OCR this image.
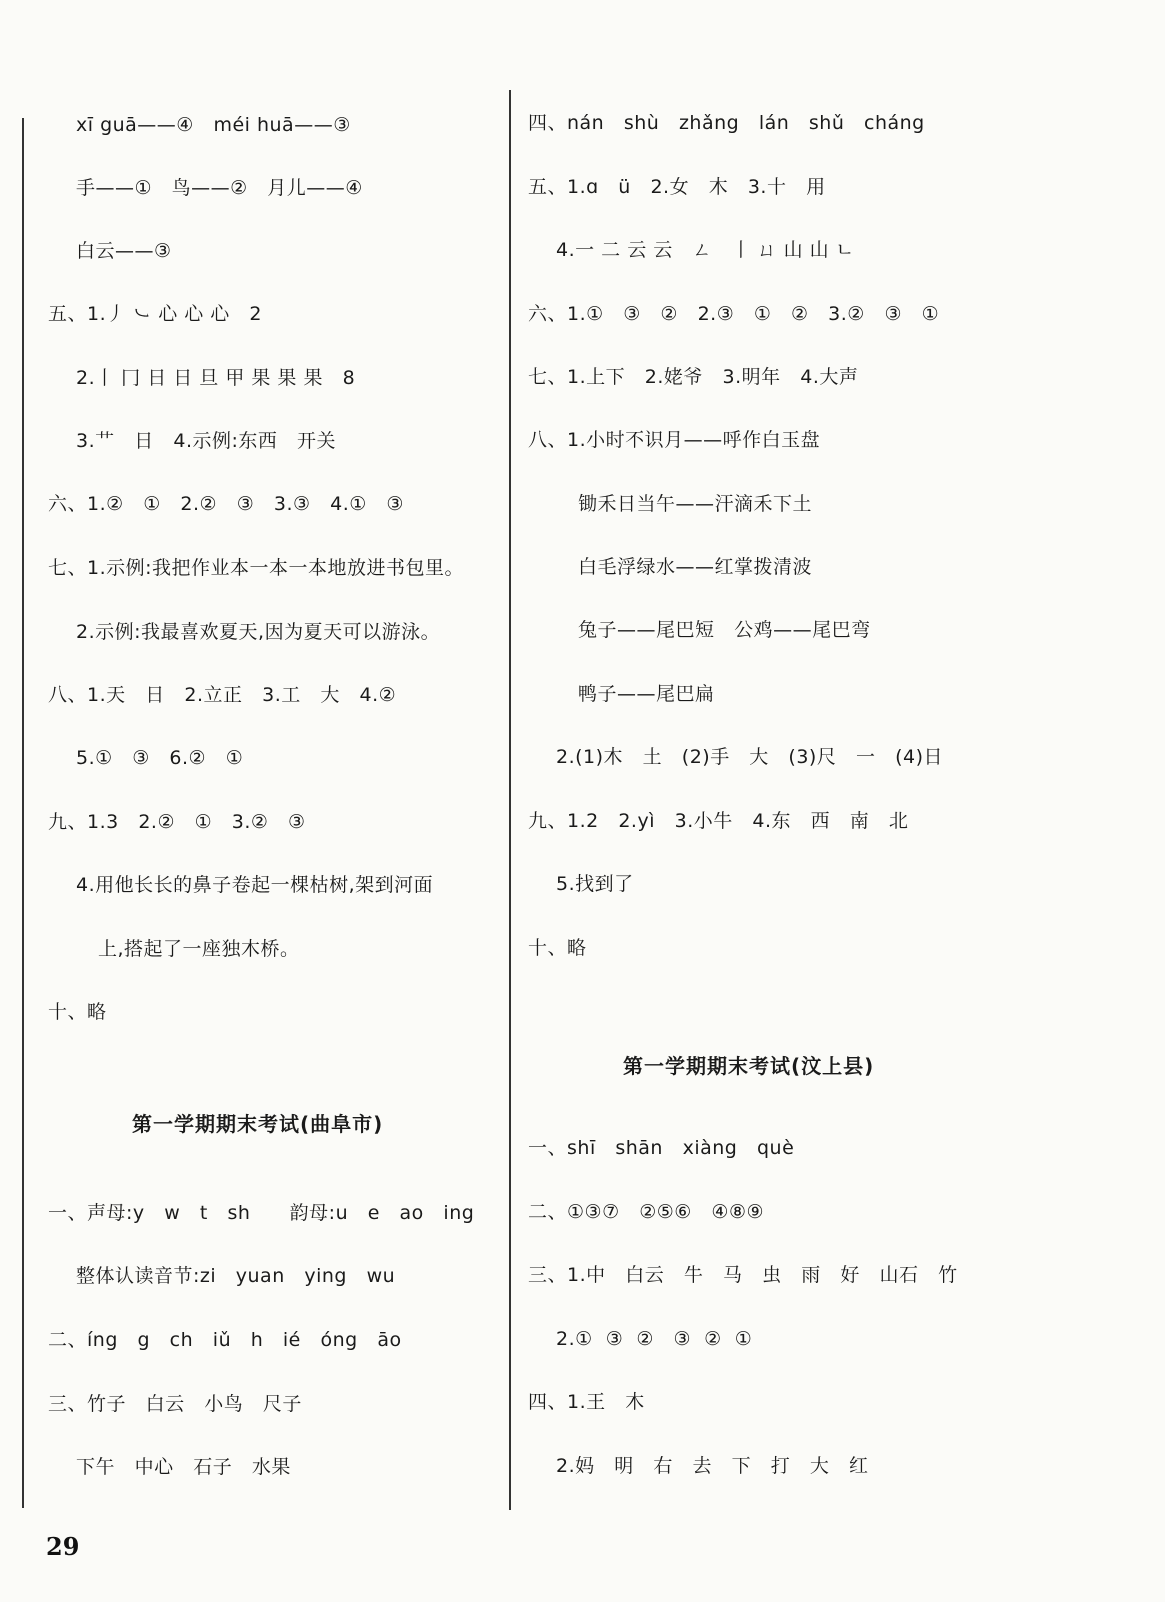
xī guā——④   méi huā——③
手——①   鸟——②   月儿——④
白云——③
五、1.丿 ㇃ 心 心 心   2
2.丨 冂 日 日 旦 甲 果 果 果   8
3.艹   日   4.示例:东西   开关
六、1.②   ①   2.②   ③   3.③   4.①   ③
七、1.示例:我把作业本一本一本地放进书包里。
2.示例:我最喜欢夏天,因为夏天可以游泳。
八、1.天   日   2.立正   3.工   大   4.②
5.①   ③   6.②   ①
九、1.3   2.②   ①   3.②   ③
4.用他长长的鼻子卷起一棵枯树,架到河面
上,搭起了一座独木桥。
十、略
第一学期期末考试(曲阜市)
一、声母:y   w   t   sh      韵母:u   e   ao   ing
整体认读音节:zi   yuan   ying   wu
二、íng   g   ch   iǔ   h   ié   óng   āo
三、竹子   白云   小鸟   尺子
下午   中心   石子   水果
四、nán   shù   zhǎng   lán   shǔ   cháng
五、1.ɑ   ü   2.女   木   3.十   用
4.一 二 云 云   ㄥ   丨 ㄩ 山 山 ㄴ
六、1.①   ③   ②   2.③   ①   ②   3.②   ③   ①
七、1.上下   2.姥爷   3.明年   4.大声
八、1.小时不识月——呼作白玉盘
锄禾日当午——汗滴禾下土
白毛浮绿水——红掌拨清波
兔子——尾巴短   公鸡——尾巴弯
鸭子——尾巴扁
2.(1)木   土   (2)手   大   (3)尺   一   (4)日
九、1.2   2.yì   3.小牛   4.东   西   南   北
5.找到了
十、略
第一学期期末考试(汶上县)
一、shī   shān   xiàng   què
二、①③⑦   ②⑤⑥   ④⑧⑨
三、1.中   白云   牛   马   虫   雨   好   山石   竹
2.①  ③  ②   ③  ②  ①
四、1.王   木
2.妈   明   右   去   下   打   大   红
29
